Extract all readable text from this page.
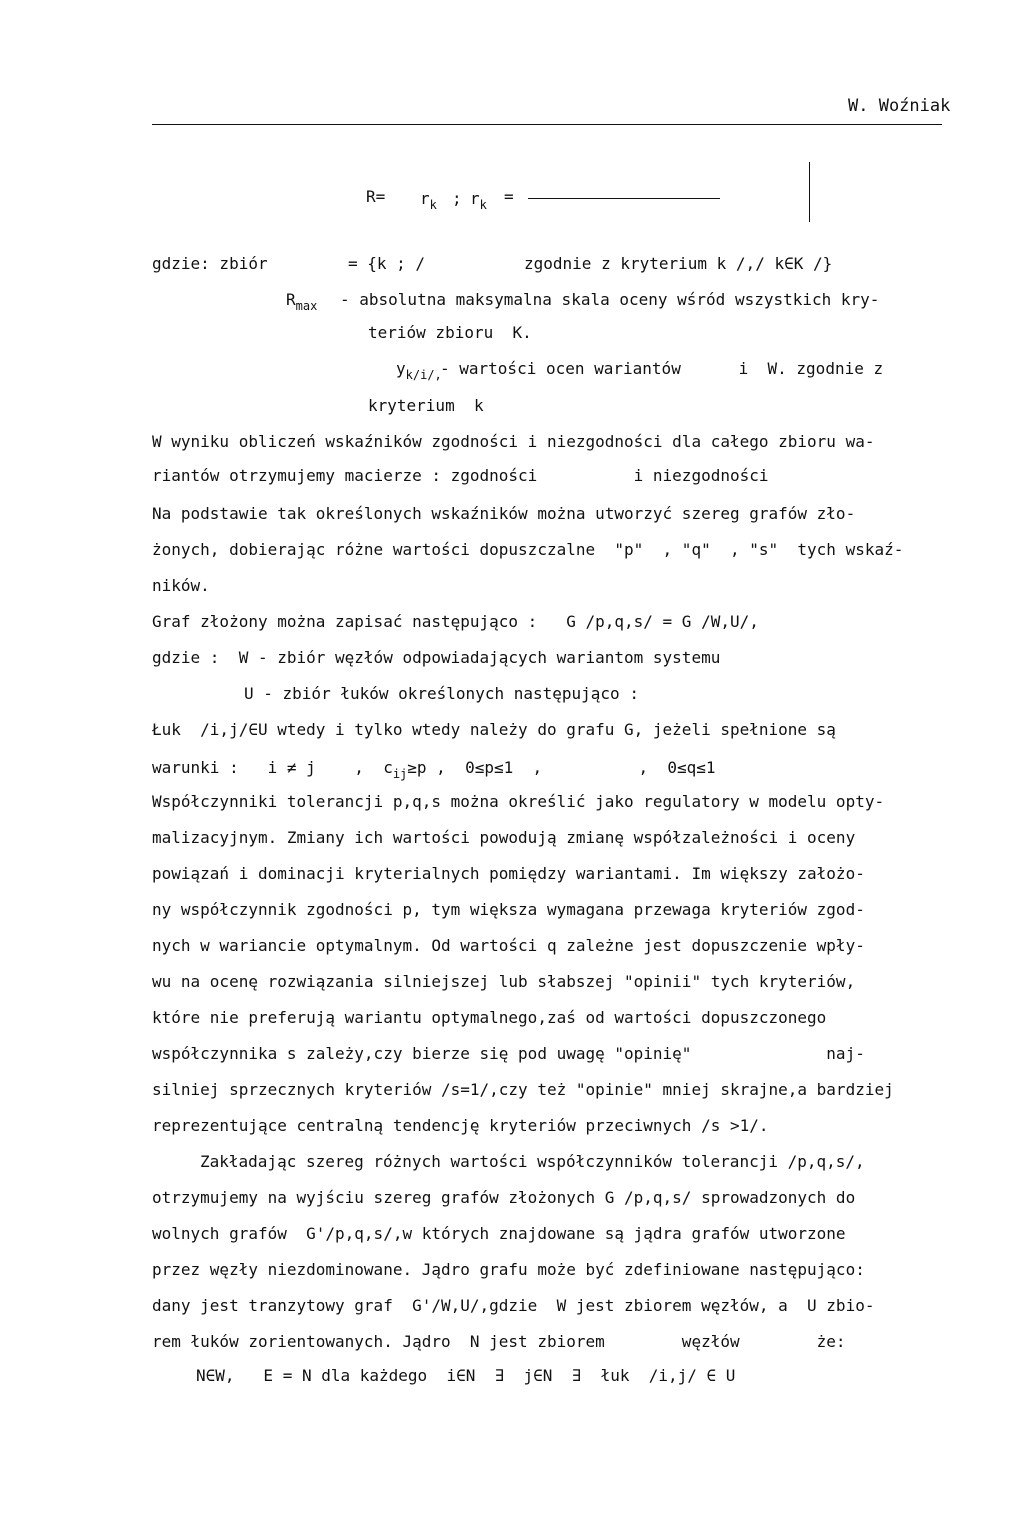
W. Woźniak
$R= r_k$ ; $r_k$ =
gdzie: zbiór	= {k ; /	zgodnie z kryterium k /,/ k∈K /}
$R_{max}$ - absolutna maksymalna skala oceny wśród wszystkich kry-
teriów zbioru  K.
$y_{k/i/,}$
- wartości ocen wariantów      i  W. zgodnie z
kryterium  k
W wyniku obliczeń wskaźników zgodności i niezgodności dla całego zbioru wa-
riantów otrzymujemy macierze : zgodności          i niezgodności
Na podstawie tak określonych wskaźników można utworzyć szereg grafów zło-
żonych, dobierając różne wartości dopuszczalne  "p"  , "q"  , "s"  tych wskaź-
ników.
Graf złożony można zapisać następująco :   G /p,q,s/ = G /W,U/,
gdzie :  W - zbiór węzłów odpowiadających wariantom systemu
U - zbiór łuków określonych następująco :
Łuk  /i,j/∈U wtedy i tylko wtedy należy do grafu G, jeżeli spełnione są
warunki :   i ≠ j    ,  $c_{ij}\ge p$ ,  0≤p≤1  ,          ,  0≤q≤1
Współczynniki tolerancji p,q,s można określić jako regulatory w modelu opty-
malizacyjnym. Zmiany ich wartości powodują zmianę współzależności i oceny
powiązań i dominacji kryterialnych pomiędzy wariantami. Im większy założo-
ny współczynnik zgodności p, tym większa wymagana przewaga kryteriów zgod-
nych w wariancie optymalnym. Od wartości q zależne jest dopuszczenie wpły-
wu na ocenę rozwiązania silniejszej lub słabszej "opinii" tych kryteriów,
które nie preferują wariantu optymalnego,zaś od wartości dopuszczonego
współczynnika s zależy,czy bierze się pod uwagę "opinię"              naj-
silniej sprzecznych kryteriów /s=1/,czy też "opinie" mniej skrajne,a bardziej
reprezentujące centralną tendencję kryteriów przeciwnych /s >1/.
Zakładając szereg różnych wartości współczynników tolerancji /p,q,s/,
otrzymujemy na wyjściu szereg grafów złożonych G /p,q,s/ sprowadzonych do
wolnych grafów  G'/p,q,s/,w których znajdowane są jądra grafów utworzone
przez węzły niezdominowane. Jądro grafu może być zdefiniowane następująco:
dany jest tranzytowy graf  G'/W,U/,gdzie  W jest zbiorem węzłów, a  U zbio-
rem łuków zorientowanych. Jądro  N jest zbiorem        węzłów        że:
N∈W,   E = N dla każdego  i∈N  ∃  j∈N  ∃  łuk  /i,j/ ∈ U
